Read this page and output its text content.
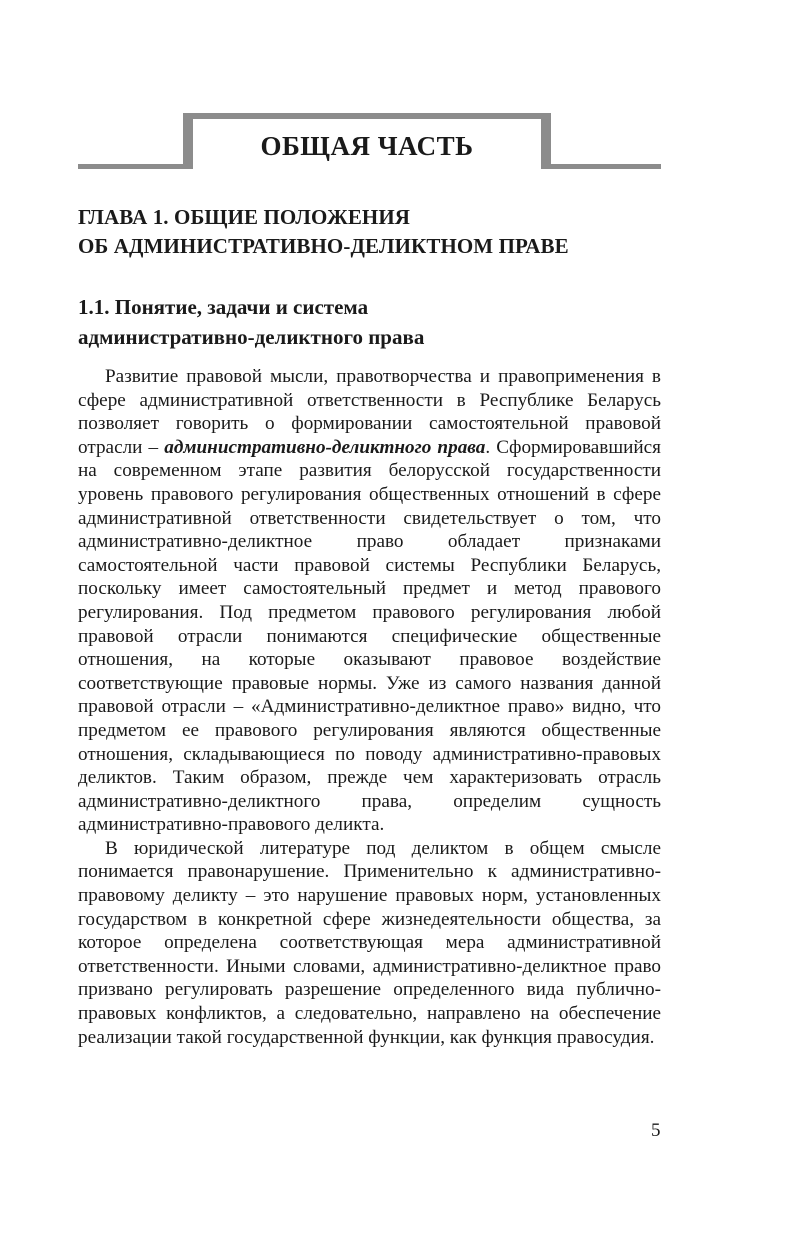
ОБЩАЯ ЧАСТЬ
ГЛАВА 1. ОБЩИЕ ПОЛОЖЕНИЯ
ОБ АДМИНИСТРАТИВНО-ДЕЛИКТНОМ ПРАВЕ
1.1. Понятие, задачи и система
административно-деликтного права

Развитие правовой мысли, правотворчества и правоприменения в сфере административной ответственности в Республике Беларусь позволяет говорить о формировании самостоятельной правовой отрасли – административно-деликтного права. Сформировавшийся на современном этапе развития белорусской государственности уровень правового регулирования общественных отношений в сфере административной ответственности свидетельствует о том, что административно-деликтное право обладает признаками самостоятельной части правовой системы Республики Беларусь, поскольку имеет самостоятельный предмет и метод правового регулирования. Под предметом правового регулирования любой правовой отрасли понимаются специфические общественные отношения, на которые оказывают правовое воздействие соответствующие правовые нормы. Уже из самого названия данной правовой отрасли – «Административно-деликтное право» видно, что предметом ее правового регулирования являются общественные отношения, складывающиеся по поводу административно-правовых деликтов. Таким образом, прежде чем характеризовать отрасль административно-деликтного права, определим сущность административно-правового деликта.

В юридической литературе под деликтом в общем смысле понимается правонарушение. Применительно к административно-правовому деликту – это нарушение правовых норм, установленных государством в конкретной сфере жизнедеятельности общества, за которое определена соответствующая мера административной ответственности. Иными словами, административно-деликтное право призвано регулировать разрешение определенного вида публично-правовых конфликтов, а следовательно, направлено на обеспечение реализации такой государственной функции, как функция правосудия.

5
